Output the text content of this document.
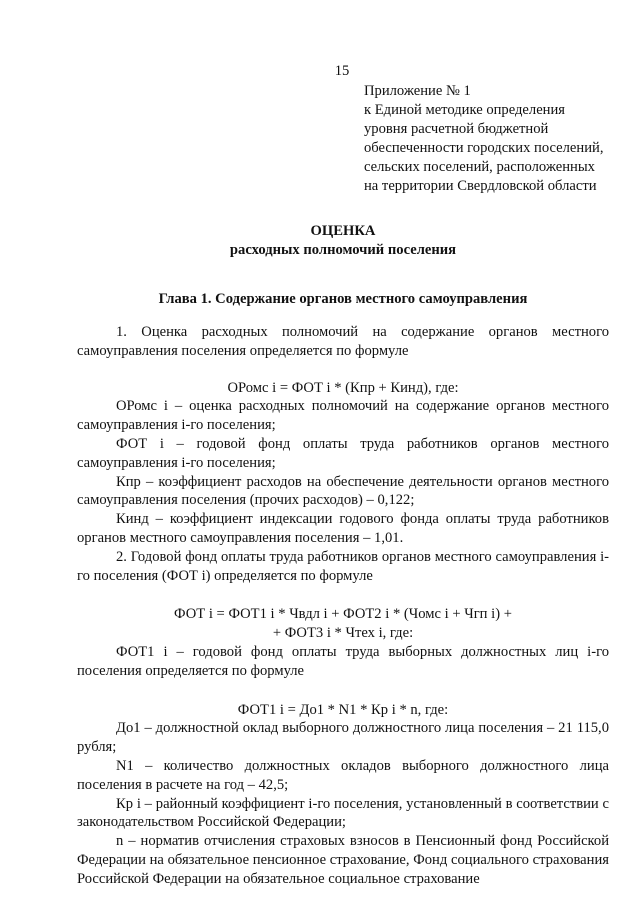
15
Приложение № 1
к Единой методике определения
уровня расчетной бюджетной
обеспеченности городских поселений,
сельских поселений, расположенных
на территории Свердловской области
ОЦЕНКА
расходных полномочий поселения
Глава 1. Содержание органов местного самоуправления

1. Оценка расходных полномочий на содержание органов местного самоуправления поселения определяется по формуле

ОРомс i = ФОТ i * (Кпр + Кинд), где:

ОРомс i – оценка расходных полномочий на содержание органов местного самоуправления i-го поселения;

ФОТ i – годовой фонд оплаты труда работников органов местного самоуправления i-го поселения;

Кпр – коэффициент расходов на обеспечение деятельности органов местного самоуправления поселения (прочих расходов) – 0,122;

Кинд – коэффициент индексации годового фонда оплаты труда работников органов местного самоуправления поселения – 1,01.

2. Годовой фонд оплаты труда работников органов местного самоуправления i-го поселения (ФОТ i) определяется по формуле

ФОТ i = ФОТ1 i * Чвдл i + ФОТ2 i * (Чомс i + Чгп i) +

+ ФОТ3 i * Чтех i, где:

ФОТ1 i – годовой фонд оплаты труда выборных должностных лиц i-го поселения определяется по формуле

ФОТ1 i = До1 * N1 * Кр i * n, где:

До1 – должностной оклад выборного должностного лица поселения – 21 115,0 рубля;

N1 – количество должностных окладов выборного должностного лица поселения в расчете на год – 42,5;

Кр i – районный коэффициент i-го поселения, установленный в соответствии с законодательством Российской Федерации;

n – норматив отчисления страховых взносов в Пенсионный фонд Российской Федерации на обязательное пенсионное страхование, Фонд социального страхования Российской Федерации на обязательное социальное страхование
